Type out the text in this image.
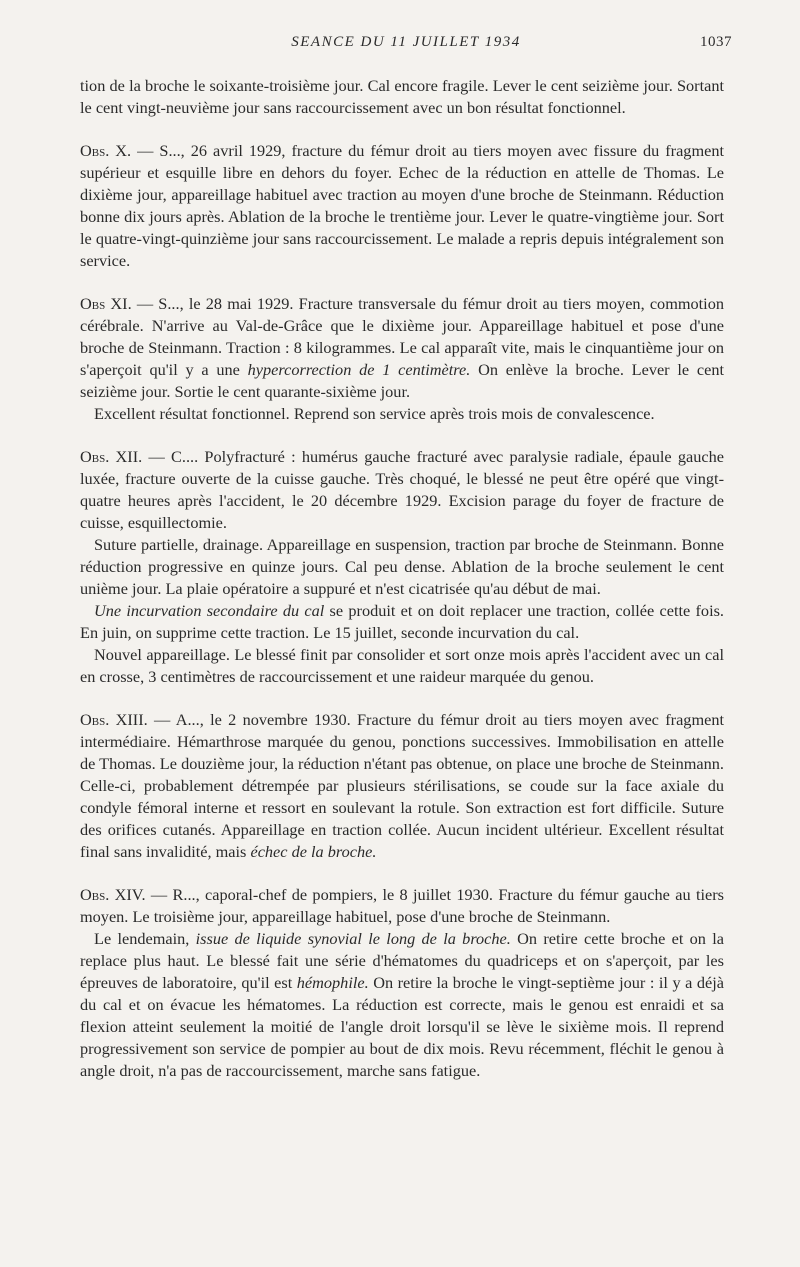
SEANCE DU 11 JUILLET 1934	1037

tion de la broche le soixante-troisième jour. Cal encore fragile. Lever le cent seizième jour. Sortant le cent vingt-neuvième jour sans raccourcissement avec un bon résultat fonctionnel.

Obs. X. — S..., 26 avril 1929, fracture du fémur droit au tiers moyen avec fissure du fragment supérieur et esquille libre en dehors du foyer. Echec de la réduction en attelle de Thomas. Le dixième jour, appareillage habituel avec traction au moyen d'une broche de Steinmann. Réduction bonne dix jours après. Ablation de la broche le trentième jour. Lever le quatre-vingtième jour. Sort le quatre-vingt-quinzième jour sans raccourcissement. Le malade a repris depuis intégralement son service.

Obs XI. — S..., le 28 mai 1929. Fracture transversale du fémur droit au tiers moyen, commotion cérébrale. N'arrive au Val-de-Grâce que le dixième jour. Appareillage habituel et pose d'une broche de Steinmann. Traction : 8 kilogrammes. Le cal apparaît vite, mais le cinquantième jour on s'aperçoit qu'il y a une hypercorrection de 1 centimètre. On enlève la broche. Lever le cent seizième jour. Sortie le cent quarante-sixième jour.

Excellent résultat fonctionnel. Reprend son service après trois mois de convalescence.

Obs. XII. — C.... Polyfracturé : humérus gauche fracturé avec paralysie radiale, épaule gauche luxée, fracture ouverte de la cuisse gauche. Très choqué, le blessé ne peut être opéré que vingt-quatre heures après l'accident, le 20 décembre 1929. Excision parage du foyer de fracture de cuisse, esquillectomie.

Suture partielle, drainage. Appareillage en suspension, traction par broche de Steinmann. Bonne réduction progressive en quinze jours. Cal peu dense. Ablation de la broche seulement le cent unième jour. La plaie opératoire a suppuré et n'est cicatrisée qu'au début de mai.

Une incurvation secondaire du cal se produit et on doit replacer une traction, collée cette fois. En juin, on supprime cette traction. Le 15 juillet, seconde incurvation du cal.

Nouvel appareillage. Le blessé finit par consolider et sort onze mois après l'accident avec un cal en crosse, 3 centimètres de raccourcissement et une raideur marquée du genou.

Obs. XIII. — A..., le 2 novembre 1930. Fracture du fémur droit au tiers moyen avec fragment intermédiaire. Hémarthrose marquée du genou, ponctions successives. Immobilisation en attelle de Thomas. Le douzième jour, la réduction n'étant pas obtenue, on place une broche de Steinmann. Celle-ci, probablement détrempée par plusieurs stérilisations, se coude sur la face axiale du condyle fémoral interne et ressort en soulevant la rotule. Son extraction est fort difficile. Suture des orifices cutanés. Appareillage en traction collée. Aucun incident ultérieur. Excellent résultat final sans invalidité, mais échec de la broche.

Obs. XIV. — R..., caporal-chef de pompiers, le 8 juillet 1930. Fracture du fémur gauche au tiers moyen. Le troisième jour, appareillage habituel, pose d'une broche de Steinmann.

Le lendemain, issue de liquide synovial le long de la broche. On retire cette broche et on la replace plus haut. Le blessé fait une série d'hématomes du quadriceps et on s'aperçoit, par les épreuves de laboratoire, qu'il est hémophile. On retire la broche le vingt-septième jour : il y a déjà du cal et on évacue les hématomes. La réduction est correcte, mais le genou est enraidi et sa flexion atteint seulement la moitié de l'angle droit lorsqu'il se lève le sixième mois. Il reprend progressivement son service de pompier au bout de dix mois. Revu récemment, fléchit le genou à angle droit, n'a pas de raccourcissement, marche sans fatigue.
